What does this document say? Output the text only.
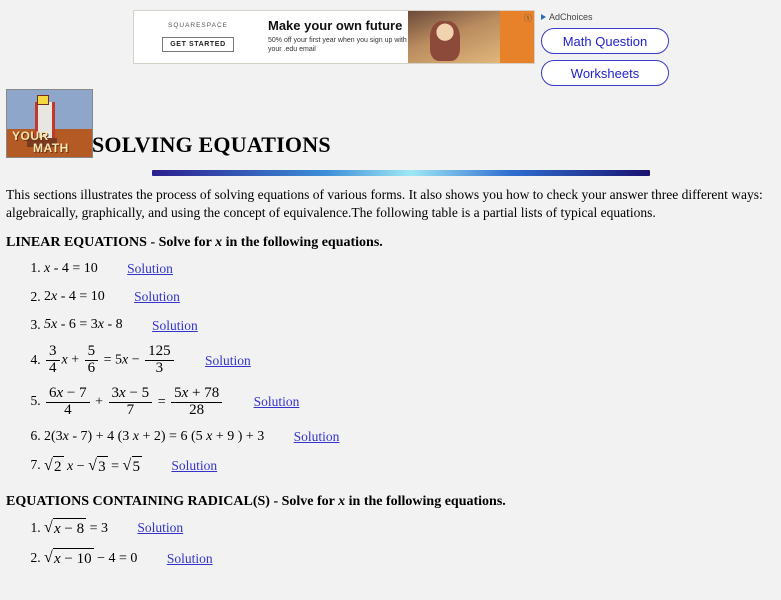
SQUARESPACE
GET STARTED
Make your own future
50% off your first year when you sign up with your .edu email
ⓧ AdChoices
Math Question
Worksheets
YOUR
MATH SOLVING EQUATIONS

This sections illustrates the process of solving equations of various forms. It also shows you how to check your answer three different ways: algebraically, graphically, and using the concept of equivalence.The following table is a partial lists of typical equations.

LINEAR EQUATIONS - Solve for x in the following equations.
1. x - 4 = 10 Solution
2. 2x - 4 = 10 Solution
3. 5x - 6 = 3x - 8 Solution
4. $\frac{3}{4}$ $x + \frac{5}{6} = 5x - \frac{125}{3}$ Solution
5. $\frac{6x - 7}{4} + \frac{3x - 5}{7} = \frac{5x + 78}{28}$ Solution
6. 2(3x - 7) + 4 (3 x + 2) = 6 (5 x + 9 ) + 3 Solution
7. √ 2 x − √ 3 = √ 5 Solution
EQUATIONS CONTAINING RADICAL(S) - Solve for x in the following equations.
1. √ x − 8 = 3 Solution
2. √ x − 10 − 4 = 0 Solution
